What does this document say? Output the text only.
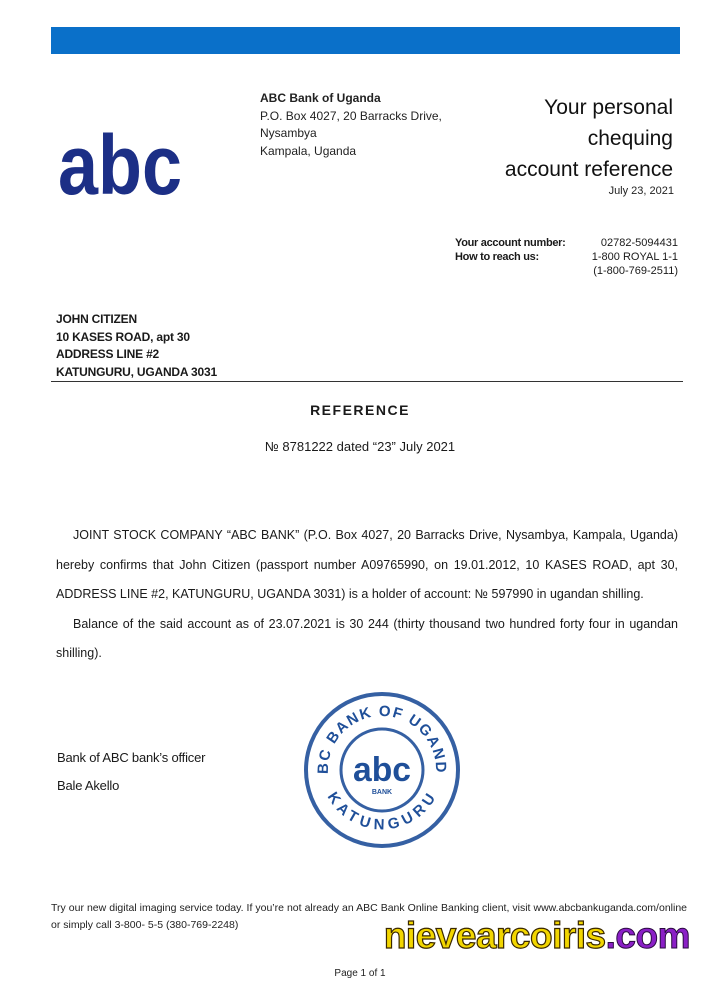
abc
ABC Bank of Uganda
P.O. Box 4027, 20 Barracks Drive,
Nysambya
Kampala, Uganda
Your personal
chequing
account reference
July 23, 2021
Your account number:	02782-5094431
How to reach us:	1-800 ROYAL 1-1
(1-800-769-2511)
JOHN CITIZEN
10 KASES ROAD, apt 30
ADDRESS LINE #2
KATUNGURU, UGANDA 3031
REFERENCE
№ 8781222 dated “23” July 2021

JOINT STOCK COMPANY “ABC BANK” (P.O. Box 4027, 20 Barracks Drive, Nysambya, Kampala, Uganda) hereby confirms that John Citizen (passport number A09765990, on 19.01.2012, 10 KASES ROAD, apt 30, ADDRESS LINE #2, KATUNGURU, UGANDA 3031) is a holder of account: № 597990 in ugandan shilling.

Balance of the said account as of 23.07.2021 is 30 244 (thirty thousand two hundred forty four in ugandan shilling).

Bank of ABC bank’s officer
Bale Akello
BC BANK OF UGAND
KATUNGURU
abc
BANK
Try our new digital imaging service today. If you’re not already an ABC Bank Online Banking client, visit www.abcbankuganda.com/online or simply call 3-800- 5-5 (380-769-2248)	nievearcoiris.com
Page 1 of 1
